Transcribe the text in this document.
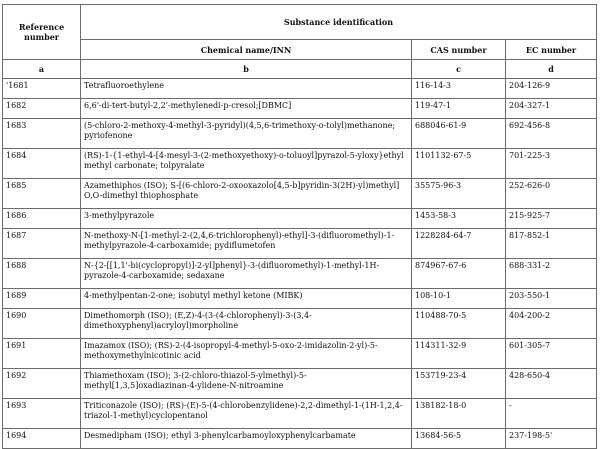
Reference number	Substance identification		
	Chemical name/INN	CAS number	EC number
a	b	c	d
'1681	Tetrafluoroethylene	116-14-3	204-126-9
1682	6,6'-di-tert-butyl-2,2'-methylenedi-p-cresol;[DBMC]	119-47-1	204-327-1
1683	(5-chloro-2-methoxy-4-methyl-3-pyridyl)(4,5,6-trimethoxy-o-tolyl)methanone; pyriofenone	688046-61-9	692-456-8
1684	(RS)-1-{1-ethyl-4-[4-mesyl-3-(2-methoxyethoxy)-o-toluoyl]pyrazol-5-yloxy}ethyl methyl carbonate; tolpyralate	1101132-67-5	701-225-3
1685	Azamethiphos (ISO); S-[(6-chloro-2-oxooxazolo[4,5-b]pyridin-3(2H)-yl)methyl] O,O-dimethyl thiophosphate	35575-96-3	252-626-0
1686	3-methylpyrazole	1453-58-3	215-925-7
1687	N-methoxy-N-[1-methyl-2-(2,4,6-trichlorophenyl)-ethyl]-3-(difluoromethyl)-1-methylpyrazole-4-carboxamide; pydiflumetofen	1228284-64-7	817-852-1
1688	N-{2-[[1,1'-bi(cyclopropyl)]-2-yl]phenyl}-3-(difluoromethyl)-1-methyl-1H-pyrazole-4-carboxamide; sedaxane	874967-67-6	688-331-2
1689	4-methylpentan-2-one; isobutyl methyl ketone (MIBK)	108-10-1	203-550-1
1690	Dimethomorph (ISO); (E,Z)-4-(3-(4-chlorophenyl)-3-(3,4-dimethoxyphenyl)acryloyl)morpholine	110488-70-5	404-200-2
1691	Imazamox (ISO); (RS)-2-(4-isopropyl-4-methyl-5-oxo-2-imidazolin-2-yl)-5-methoxymethylnicotinic acid	114311-32-9	601-305-7
1692	Thiamethoxam (ISO); 3-(2-chloro-thiazol-5-ylmethyl)-5-methyl[1,3,5]oxadiazinan-4-ylidene-N-nitroamine	153719-23-4	428-650-4
1693	Triticonazole (ISO); (RS)-(E)-5-(4-chlorobenzylidene)-2,2-dimethyl-1-(1H-1,2,4-triazol-1-methyl)cyclopentanol	138182-18-0	-
1694	Desmedipham (ISO); ethyl 3-phenylcarbamoyloxyphenylcarbamate	13684-56-5	237-198-5'
